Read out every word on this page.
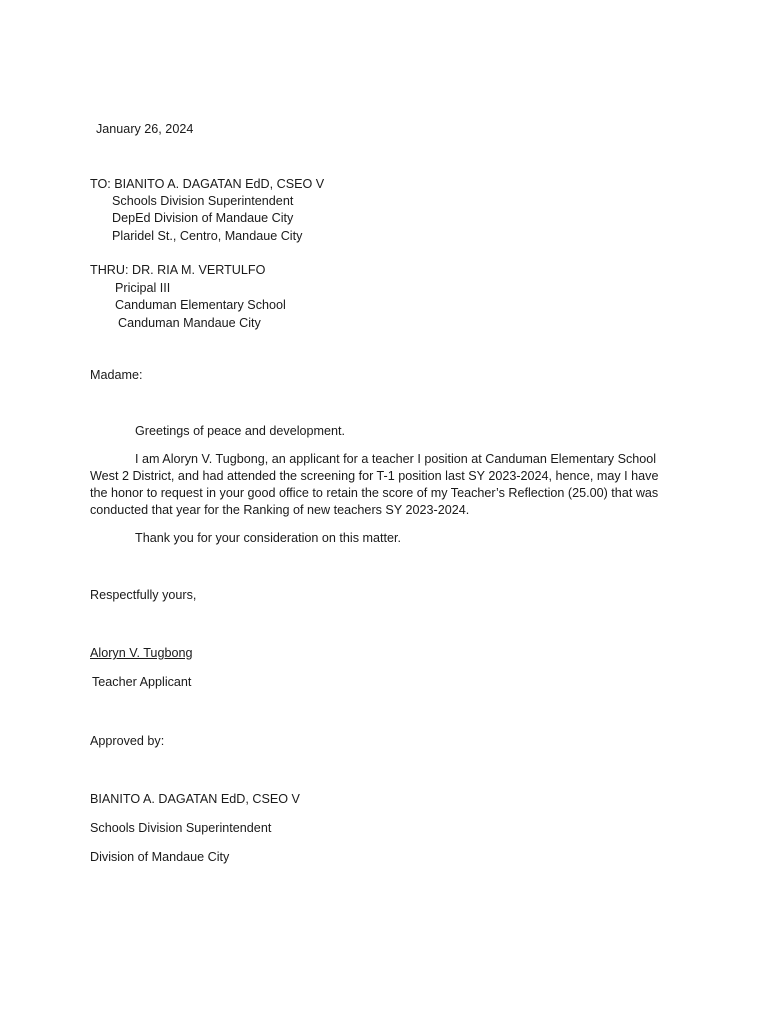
January 26, 2024
TO: BIANITO A. DAGATAN EdD, CSEO V
Schools Division Superintendent
DepEd Division of Mandaue City
Plaridel St., Centro, Mandaue City
THRU: DR. RIA M. VERTULFO
Pricipal III
Canduman Elementary School
Canduman Mandaue City
Madame:
Greetings of peace and development.
I am Aloryn V. Tugbong, an applicant for a teacher I position at Canduman Elementary School West 2 District, and had attended the screening for T-1 position last SY 2023-2024, hence, may I have the honor to request in your good office to retain the score of my Teacher’s Reflection (25.00) that was conducted that year for the Ranking of new teachers SY 2023-2024.
Thank you for your consideration on this matter.
Respectfully yours,
Aloryn V. Tugbong
Teacher Applicant
Approved by:
BIANITO A. DAGATAN EdD, CSEO V
Schools Division Superintendent
Division of Mandaue City
